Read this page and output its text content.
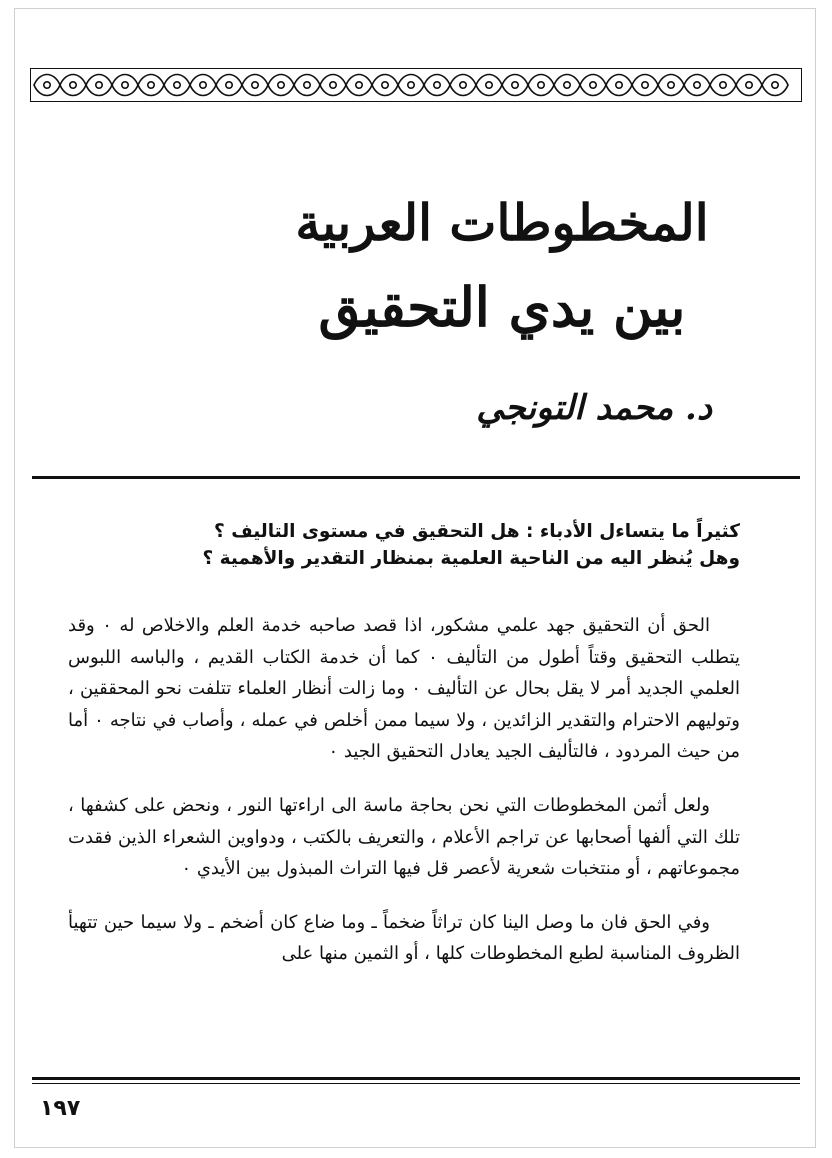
المخطوطات العربية
بين يدي التحقيق
د. محمد التونجي
كثيراً ما يتساءل الأدباء : هل التحقيق في مستوى التاليف ؟
وهل يُنظر اليه من الناحية العلمية بمنظار التقدير والأهمية ؟

الحق أن التحقيق جهد علمي مشكور، اذا قصد صاحبه خدمة العلم والاخلاص له ٠ وقد يتطلب التحقيق وقتاً أطول من التأليف ٠ كما أن خدمة الكتاب القديم ، والباسه اللبوس العلمي الجديد أمر لا يقل بحال عن التأليف ٠ وما زالت أنظار العلماء تتلفت نحو المحققين ، وتوليهم الاحترام والتقدير الزائدين ، ولا سيما ممن أخلص في عمله ، وأصاب في نتاجه ٠ أما من حيث المردود ، فالتأليف الجيد يعادل التحقيق الجيد ٠

ولعل أثمن المخطوطات التي نحن بحاجة ماسة الى اراءتها النور ، ونحض على كشفها ، تلك التي ألفها أصحابها عن تراجم الأعلام ، والتعريف بالكتب ، ودواوين الشعراء الذين فقدت مجموعاتهم ، أو منتخبات شعرية لأعصر قل فيها التراث المبذول بين الأيدي ٠

وفي الحق فان ما وصل الينا كان تراثاً ضخماً ـ وما ضاع كان أضخم ـ ولا سيما حين تتهيأ الظروف المناسبة لطبع المخطوطات كلها ، أو الثمين منها على

١٩٧
